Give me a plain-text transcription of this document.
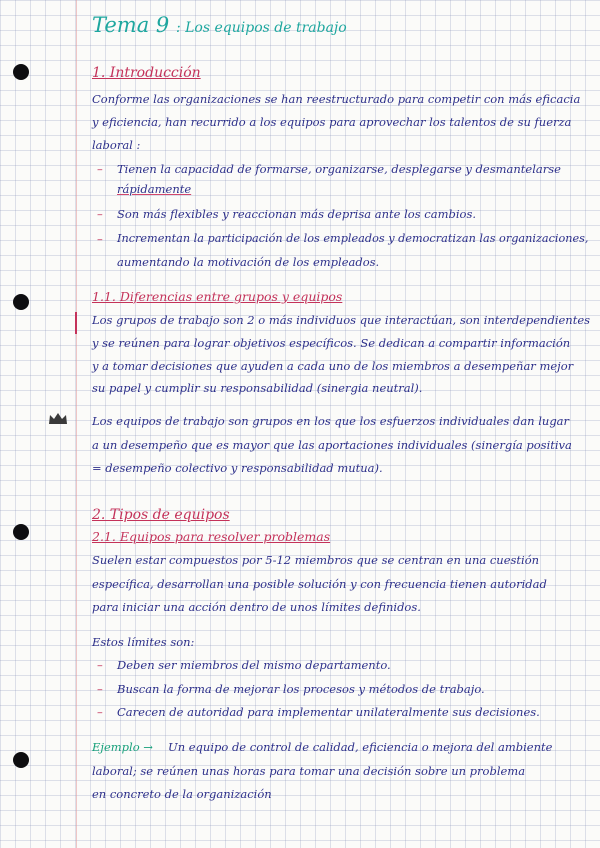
Tema 9 : Los equipos de trabajo
1. Introducción
Conforme las organizaciones se han reestructurado para competir con más eficacia
y eficiencia, han recurrido a los equipos para aprovechar los talentos de su fuerza
laboral :
– Tienen la capacidad de formarse, organizarse, desplegarse y desmantelarse
rápidamente
– Son más flexibles y reaccionan más deprisa ante los cambios.
– Incrementan la participación de los empleados y democratizan las organizaciones,
aumentando la motivación de los empleados.
1.1. Diferencias entre grupos y equipos
Los grupos de trabajo son 2 o más individuos que interactúan, son interdependientes
y se reúnen para lograr objetivos específicos. Se dedican a compartir información
y a tomar decisiones que ayuden a cada uno de los miembros a desempeñar mejor
su papel y cumplir su responsabilidad (sinergia neutral).
Los equipos de trabajo son grupos en los que los esfuerzos individuales dan lugar
a un desempeño que es mayor que las aportaciones individuales (sinergía positiva
= desempeño colectivo y responsabilidad mutua).
2. Tipos de equipos
2.1. Equipos para resolver problemas
Suelen estar compuestos por 5-12 miembros que se centran en una cuestión
específica, desarrollan una posible solución y con frecuencia tienen autoridad
para iniciar una acción dentro de unos límites definidos.
Estos límites son:
– Deben ser miembros del mismo departamento.
– Buscan la forma de mejorar los procesos y métodos de trabajo.
– Carecen de autoridad para implementar unilateralmente sus decisiones.
Ejemplo → Un equipo de control de calidad, eficiencia o mejora del ambiente
laboral; se reúnen unas horas para tomar una decisión sobre un problema
en concreto de la organización
